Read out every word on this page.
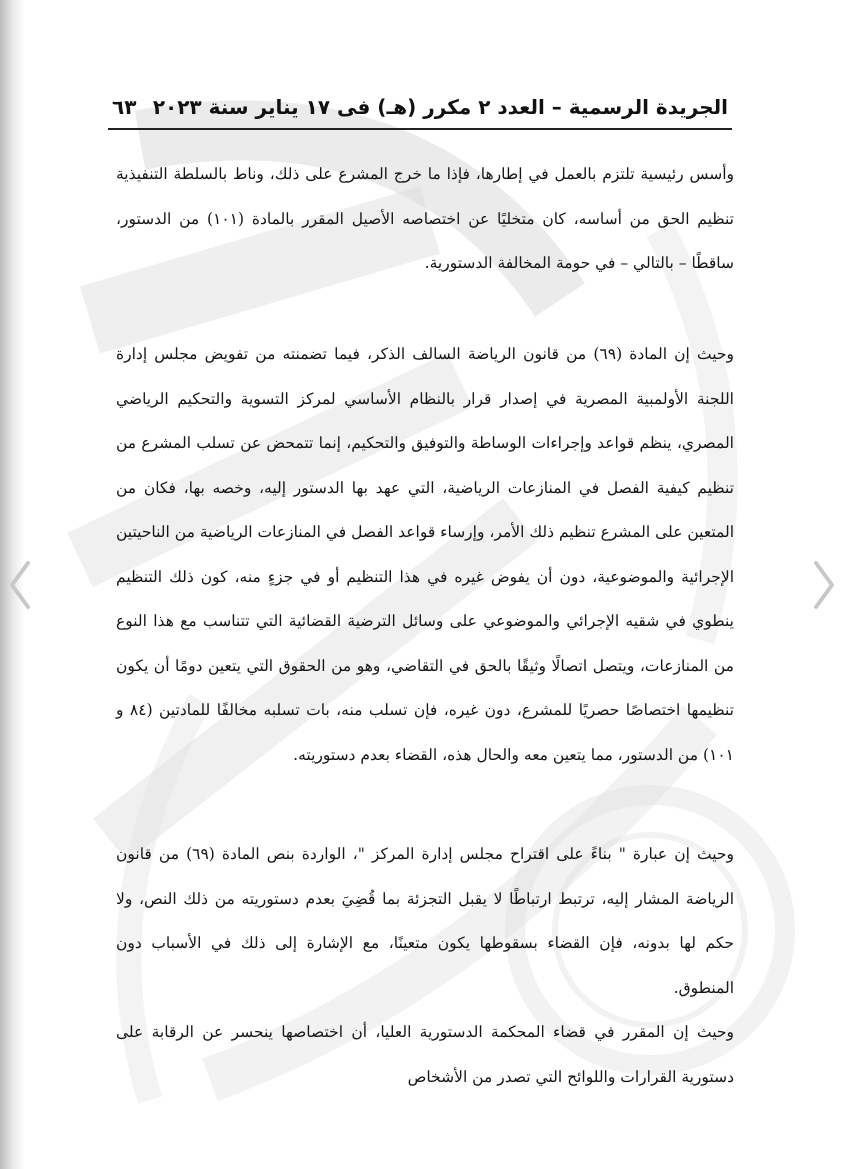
الجريدة الرسمية – العدد ٢ مكرر (هـ) فى ١٧ يناير سنة ٢٠٢٣
٦٣
وأسس رئيسية تلتزم بالعمل في إطارها، فإذا ما خرج المشرع على ذلك، وناط بالسلطة التنفيذية تنظيم الحق من أساسه، كان متخليًا عن اختصاصه الأصيل المقرر بالمادة (١٠١) من الدستور، ساقطًا – بالتالي – في حومة المخالفة الدستورية.
وحيث إن المادة (٦٩) من قانون الرياضة السالف الذكر، فيما تضمنته من تفويض مجلس إدارة اللجنة الأولمبية المصرية في إصدار قرار بالنظام الأساسي لمركز التسوية والتحكيم الرياضي المصري، ينظم قواعد وإجراءات الوساطة والتوفيق والتحكيم، إنما تتمحض عن تسلب المشرع من تنظيم كيفية الفصل في المنازعات الرياضية، التي عهد بها الدستور إليه، وخصه بها، فكان من المتعين على المشرع تنظيم ذلك الأمر، وإرساء قواعد الفصل في المنازعات الرياضية من الناحيتين الإجرائية والموضوعية، دون أن يفوض غيره في هذا التنظيم أو في جزءٍ منه، كون ذلك التنظيم ينطوي في شقيه الإجرائي والموضوعي على وسائل الترضية القضائية التي تتناسب مع هذا النوع من المنازعات، ويتصل اتصالًا وثيقًا بالحق في التقاضي، وهو من الحقوق التي يتعين دومًا أن يكون تنظيمها اختصاصًا حصريًا للمشرع، دون غيره، فإن تسلب منه، بات تسلبه مخالفًا للمادتين (٨٤ و ١٠١) من الدستور، مما يتعين معه والحال هذه، القضاء بعدم دستوريته.
وحيث إن عبارة " بناءً على اقتراح مجلس إدارة المركز "، الواردة بنص المادة (٦٩) من قانون الرياضة المشار إليه، ترتبط ارتباطًا لا يقبل التجزئة بما قُضِيَ بعدم دستوريته من ذلك النص، ولا حكم لها بدونه، فإن القضاء بسقوطها يكون متعينًا، مع الإشارة إلى ذلك في الأسباب دون المنطوق.
وحيث إن المقرر في قضاء المحكمة الدستورية العليا، أن اختصاصها ينحسر عن الرقابة على دستورية القرارات واللوائح التي تصدر من الأشخاص
